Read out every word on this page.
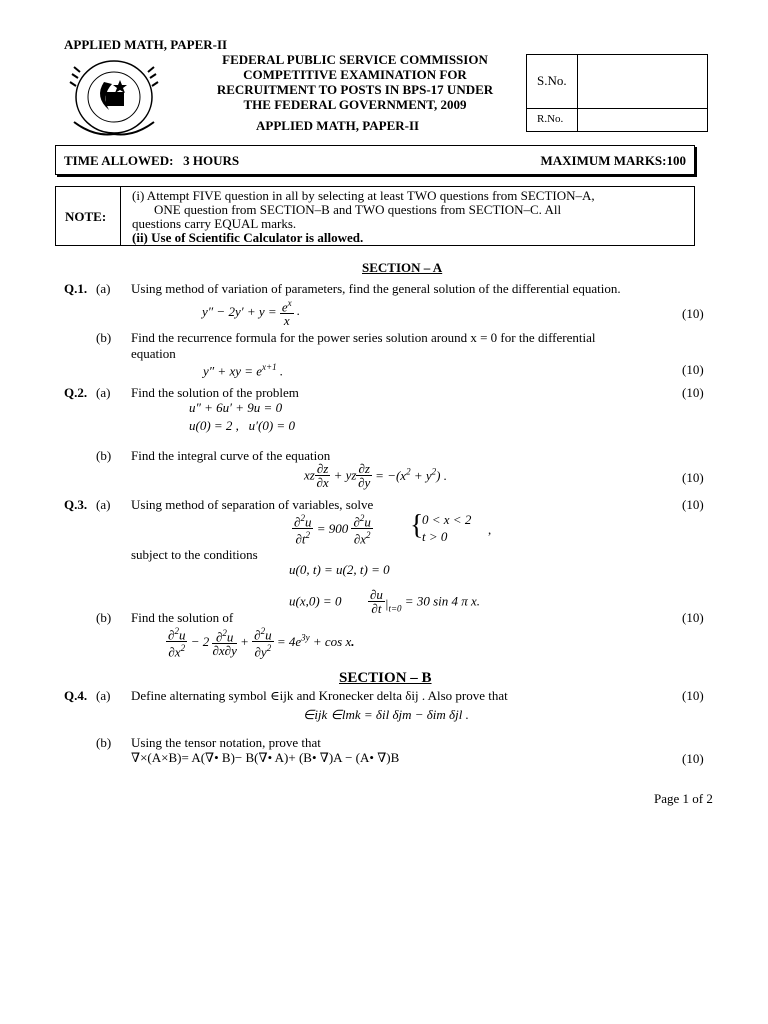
APPLIED MATH, PAPER-II
FEDERAL PUBLIC SERVICE COMMISSION
COMPETITIVE EXAMINATION FOR
RECRUITMENT TO POSTS IN BPS-17 UNDER
THE FEDERAL GOVERNMENT, 2009
APPLIED MATH, PAPER-II
S.No.
R.No.
TIME ALLOWED:   3 HOURS	MAXIMUM MARKS:100
NOTE:
(i) Attempt FIVE question in all by selecting at least TWO questions from SECTION–A,
ONE question from SECTION–B and TWO questions from SECTION–C. All
questions carry EQUAL marks.
(ii) Use of Scientific Calculator is allowed.
SECTION – A
Q.1. (a) Using method of variation of parameters, find the general solution of the differential equation.
$y'' - 2y' + y = \frac{e^x}{x}$ .	(10)
(b) Find the recurrence formula for the power series solution around x = 0 for the differential
equation
y″ + xy = $e^{x+1}$ .	(10)
Q.2. (a) Find the solution of the problem	(10)
u″ + 6u′ + 9u = 0
u(0) = 2 ,   u′(0) = 0
(b) Find the integral curve of the equation
xz $\frac{\partial z}{\partial x}$ + yz $\frac{\partial z}{\partial y} = -(x^2 + y^2)$ .	(10)
Q.3. (a) Using method of separation of variables, solve	(10)
$\frac{\partial^2u}{\partial t^2} = 900 \frac{\partial^2u}{\partial x^2}$ {
0 < x < 2
t > 0	,
subject to the conditions
u(0, t) = u(2, t) = 0
$u(x,0) = 0 \frac{\partial u}{\partial t} |_{t=0} = 30$ sin 4 π x.
(b) Find the solution of	(10)
$\frac{\partial^2u}{\partial x^2} - 2 \frac{\partial^2u}{\partial x\partial y} + \frac{\partial^2u}{\partial y^2} = 4e^{3y} + \cos x$.
SECTION – B
Q.4. (a) Define alternating symbol ∈ijk and Kronecker delta δij . Also prove that	(10)
∈ijk ∈lmk = δil δjm − δim δjl .
(b) Using the tensor notation, prove that
∇×(A×B)= A(∇• B)− B(∇• A)+ (B• ∇)A − (A• ∇)B	(10)
Page 1 of 2
